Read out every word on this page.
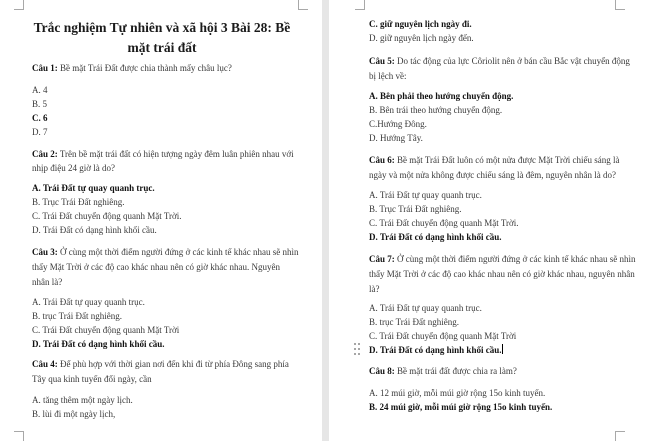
Trắc nghiệm Tự nhiên và xã hội 3 Bài 28: Bề mặt trái đất
Câu 1: Bề mặt Trái Đất được chia thành mấy châu lục?
A. 4
B. 5
C. 6
D. 7
Câu 2: Trên bề mặt trái đất có hiện tượng ngày đêm luân phiên nhau với
nhịp điệu 24 giờ là do?
A. Trái Đất tự quay quanh trục.
B. Trục Trái Đất nghiêng.
C. Trái Đất chuyển động quanh Mặt Trời.
D. Trái Đất có dạng hình khối cầu.
Câu 3: Ở cùng một thời điểm người đứng ở các kinh tế khác nhau sẽ nhìn
thấy Mặt Trời ở các độ cao khác nhau nên có giờ khác nhau. Nguyên
nhân là?
A. Trái Đất tự quay quanh trục.
B. trục Trái Đất nghiêng.
C. Trái Đất chuyển động quanh Mặt Trời
D. Trái Đất có dạng hình khối cầu.
Câu 4: Để phù hợp với thời gian nơi đến khi đi từ phía Đông sang phía
Tây qua kinh tuyến đổi ngày, cần
A. tăng thêm một ngày lịch.
B. lùi đi một ngày lịch,
C. giữ nguyên lịch ngày đi.
D. giữ nguyên lịch ngày đến.
Câu 5: Do tác động của lực Côriolit nên ở bán cầu Bắc vật chuyển động
bị lệch về:
A. Bên phải theo hướng chuyển động.
B. Bên trái theo hướng chuyển động.
C.Hướng Đông.
D. Hướng Tây.
Câu 6: Bề mặt Trái Đất luôn có một nửa được Mặt Trời chiếu sáng là
ngày và một nửa không được chiếu sáng là đêm, nguyên nhân là do?
A. Trái Đất tự quay quanh trục.
B. Trục Trái Đất nghiêng.
C. Trái Đất chuyển động quanh Mặt Trời.
D. Trái Đất có dạng hình khối cầu.
Câu 7: Ở cùng một thời điểm người đứng ở các kinh tế khác nhau sẽ nhìn
thấy Mặt Trời ở các độ cao khác nhau nên có giờ khác nhau, nguyên nhân
là?
A. Trái Đất tự quay quanh trục.
B. trục Trái Đất nghiêng.
C. Trái Đất chuyển động quanh Mặt Trời
D. Trái Đất có dạng hình khối cầu.
Câu 8: Bề mặt trái đất được chia ra làm?
A. 12 múi giờ, mỗi múi giờ rộng 15o kinh tuyến.
B. 24 múi giờ, mỗi múi giờ rộng 15o kinh tuyến.
